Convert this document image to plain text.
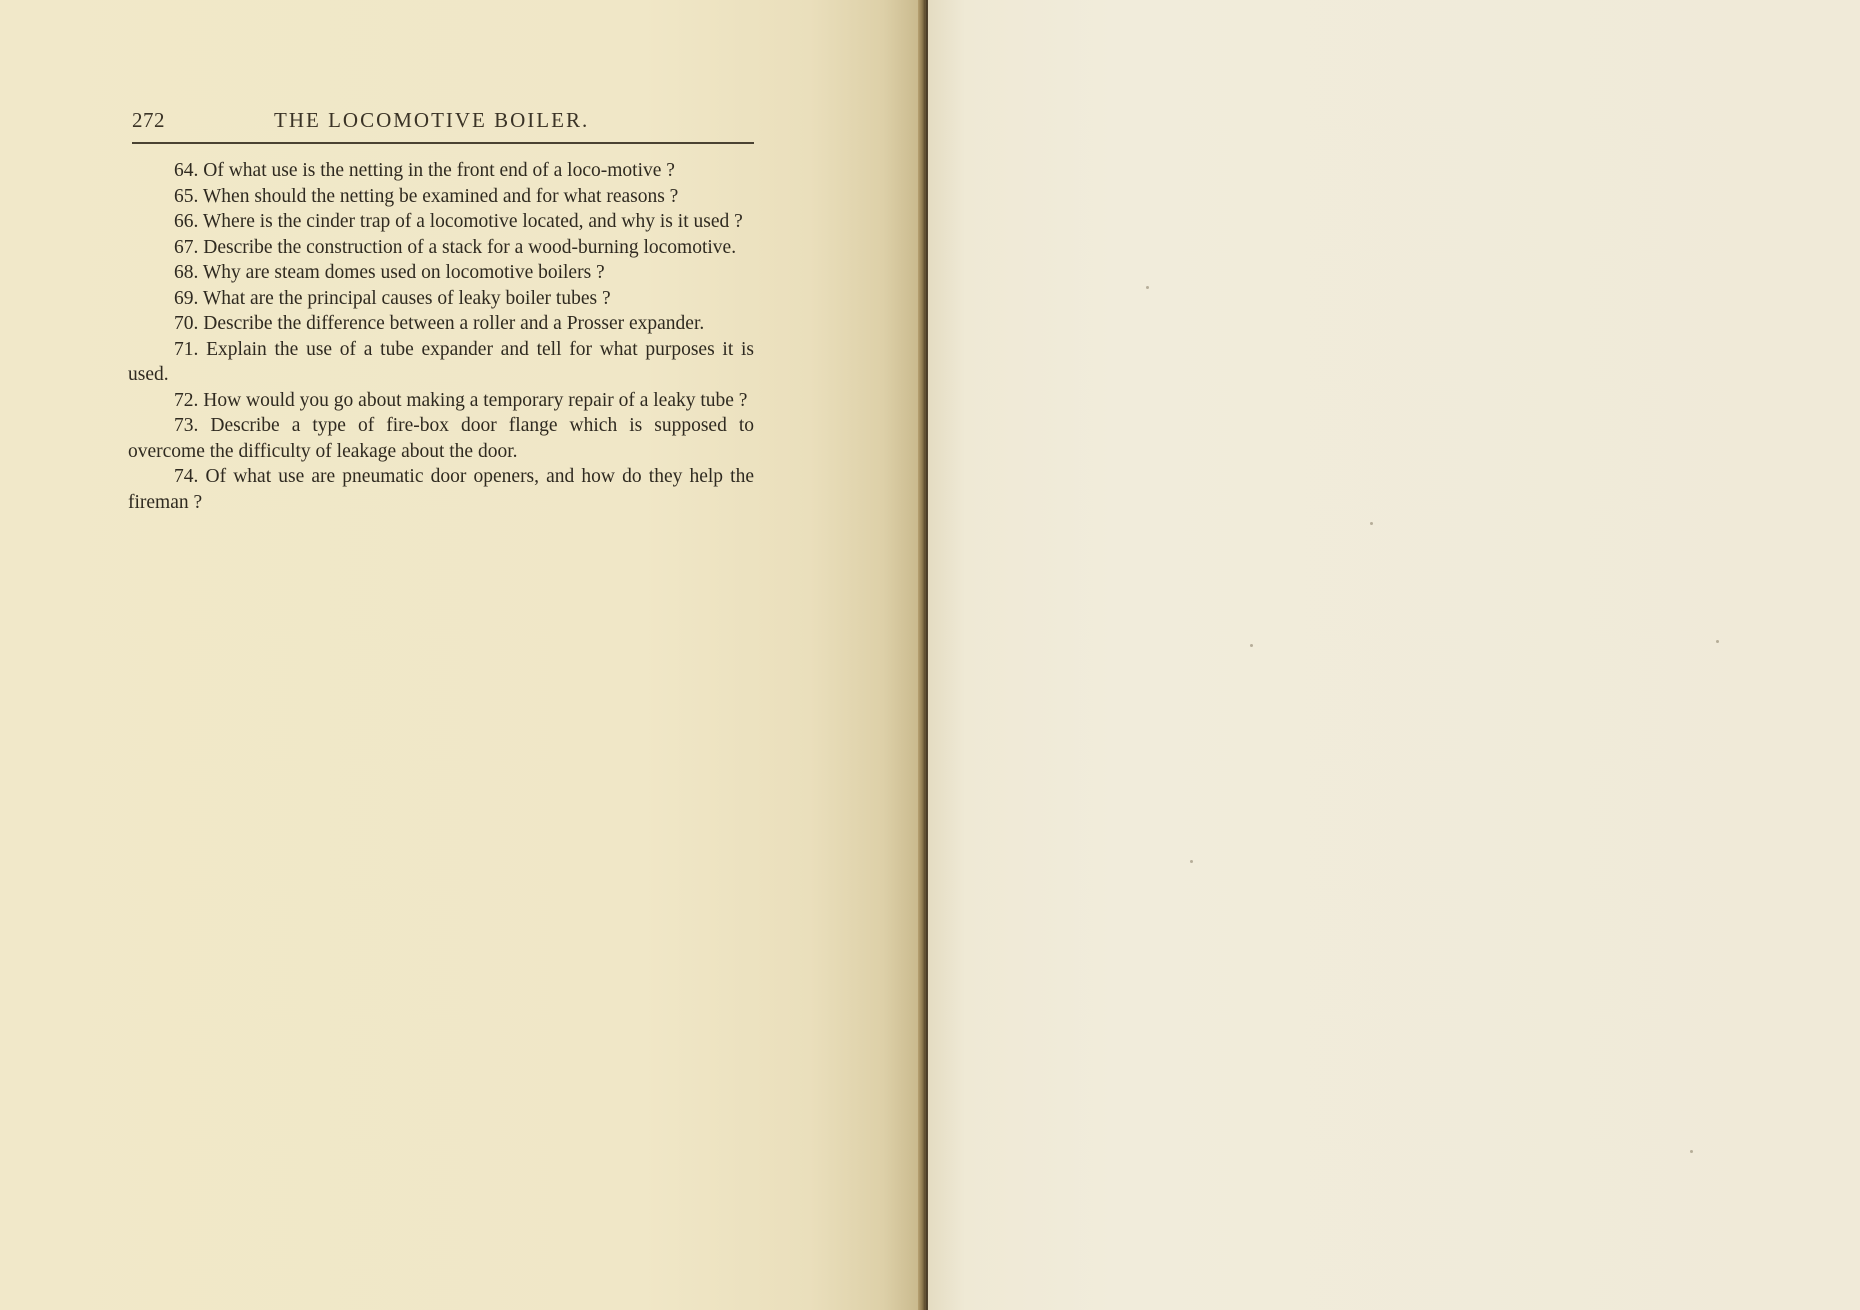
272	THE LOCOMOTIVE BOILER.

64. Of what use is the netting in the front end of a loco-motive ?

65. When should the netting be examined and for what reasons ?

66. Where is the cinder trap of a locomotive located, and why is it used ?

67. Describe the construction of a stack for a wood-burning locomotive.

68. Why are steam domes used on locomotive boilers ?

69. What are the principal causes of leaky boiler tubes ?

70. Describe the difference between a roller and a Prosser expander.

71. Explain the use of a tube expander and tell for what purposes it is used.

72. How would you go about making a temporary repair of a leaky tube ?

73. Describe a type of fire-box door flange which is supposed to overcome the difficulty of leakage about the door.

74. Of what use are pneumatic door openers, and how do they help the fireman ?
